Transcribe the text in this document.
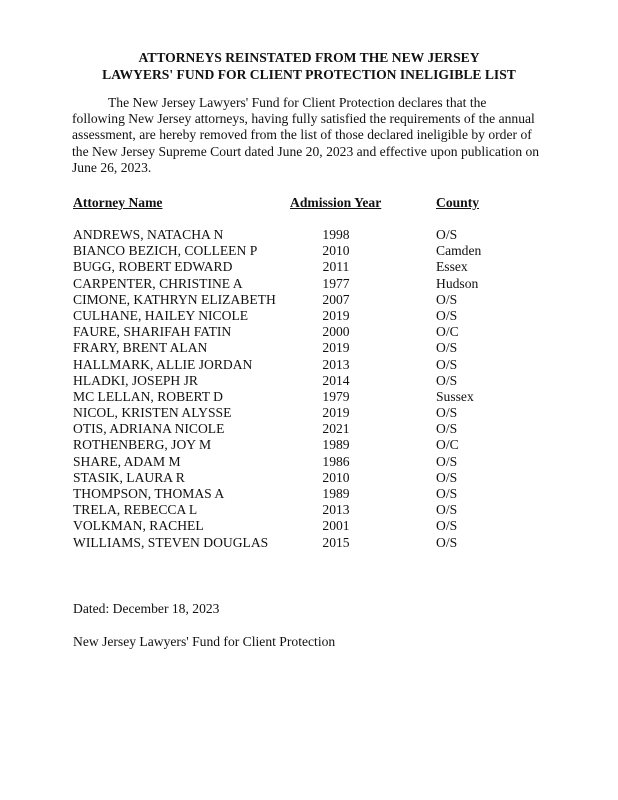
ATTORNEYS REINSTATED FROM THE NEW JERSEY
LAWYERS' FUND FOR CLIENT PROTECTION INELIGIBLE LIST
The New Jersey Lawyers' Fund for Client Protection declares that the
following New Jersey attorneys, having fully satisfied the requirements of the annual
assessment, are hereby removed from the list of those declared ineligible by order of
the New Jersey Supreme Court dated June 20, 2023 and effective upon publication on
June 26, 2023.
Attorney Name	Admission Year	County
ANDREWS, NATACHA N	1998	O/S
BIANCO BEZICH, COLLEEN P	2010	Camden
BUGG, ROBERT EDWARD	2011	Essex
CARPENTER, CHRISTINE A	1977	Hudson
CIMONE, KATHRYN ELIZABETH	2007	O/S
CULHANE, HAILEY NICOLE	2019	O/S
FAURE, SHARIFAH FATIN	2000	O/C
FRARY, BRENT ALAN	2019	O/S
HALLMARK, ALLIE JORDAN	2013	O/S
HLADKI, JOSEPH JR	2014	O/S
MC LELLAN, ROBERT D	1979	Sussex
NICOL, KRISTEN ALYSSE	2019	O/S
OTIS, ADRIANA NICOLE	2021	O/S
ROTHENBERG, JOY M	1989	O/C
SHARE, ADAM M	1986	O/S
STASIK, LAURA R	2010	O/S
THOMPSON, THOMAS A	1989	O/S
TRELA, REBECCA L	2013	O/S
VOLKMAN, RACHEL	2001	O/S
WILLIAMS, STEVEN DOUGLAS	2015	O/S
Dated: December 18, 2023
New Jersey Lawyers' Fund for Client Protection
